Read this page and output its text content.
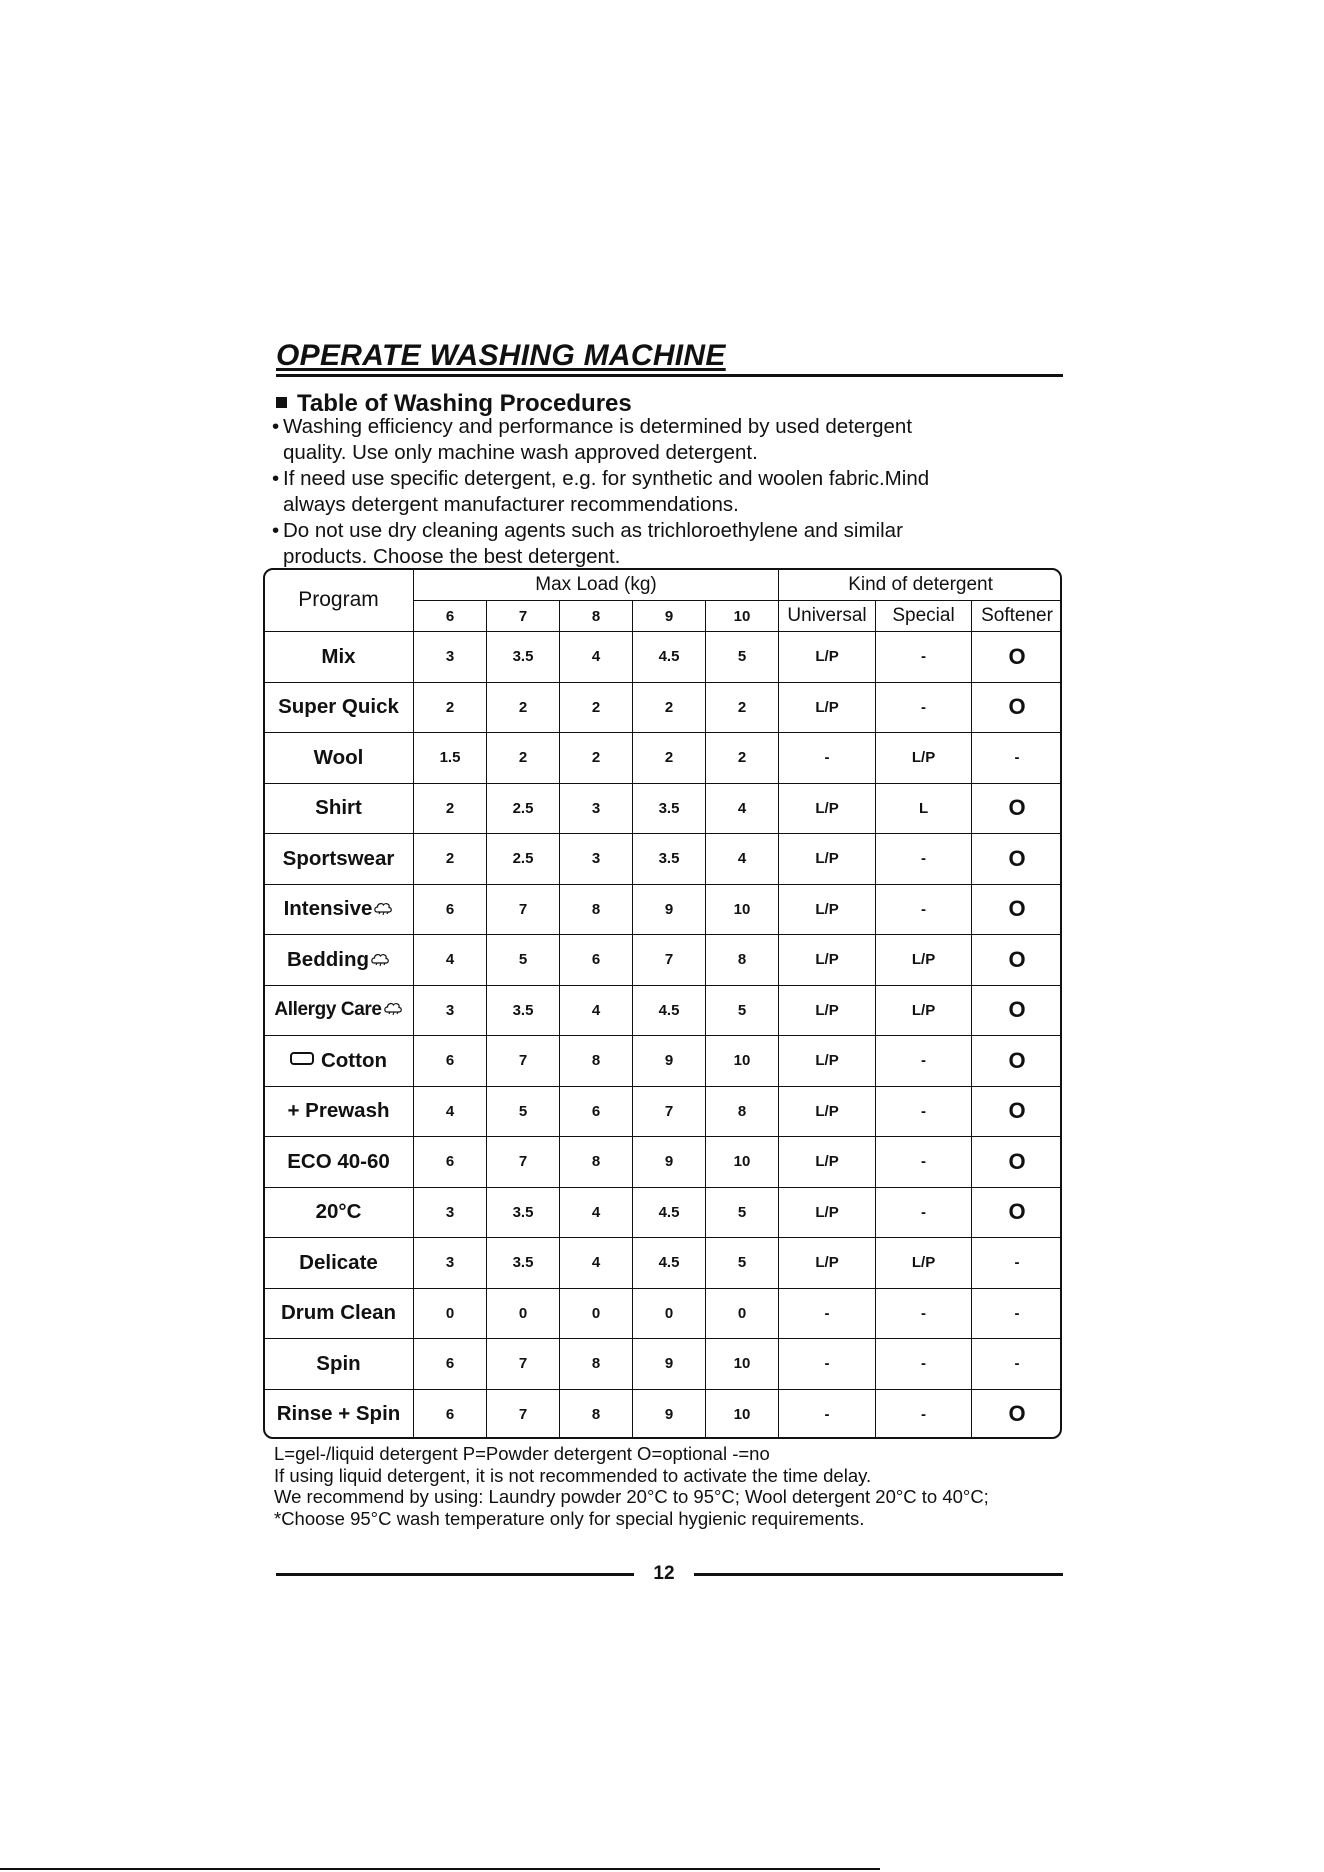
OPERATE WASHING MACHINE
Table of Washing Procedures
• Washing efficiency and performance is determined by used detergent
quality. Use only machine wash approved detergent.
• If need use specific detergent, e.g. for synthetic and woolen fabric.Mind
always detergent manufacturer recommendations.
• Do not use dry cleaning agents such as trichloroethylene and similar
products. Choose the best detergent.
Program	Max Load (kg)					Kind of detergent		
	6	7	8	9	10	Universal	Special	Softener
Mix	3	3.5	4	4.5	5	L/P	-	O
Super Quick	2	2	2	2	2	L/P	-	O
Wool	1.5	2	2	2	2	-	L/P	-
Shirt	2	2.5	3	3.5	4	L/P	L	O
Sportswear	2	2.5	3	3.5	4	L/P	-	O
Intensive	6	7	8	9	10	L/P	-	O
Bedding	4	5	6	7	8	L/P	L/P	O
Allergy Care	3	3.5	4	4.5	5	L/P	L/P	O
Cotton	6	7	8	9	10	L/P	-	O
+ Prewash	4	5	6	7	8	L/P	-	O
ECO 40-60	6	7	8	9	10	L/P	-	O
20°C	3	3.5	4	4.5	5	L/P	-	O
Delicate	3	3.5	4	4.5	5	L/P	L/P	-
Drum Clean	0	0	0	0	0	-	-	-
Spin	6	7	8	9	10	-	-	-
Rinse + Spin	6	7	8	9	10	-	-	O
L=gel-/liquid detergent P=Powder detergent O=optional -=no
If using liquid detergent, it is not recommended to activate the time delay.
We recommend by using: Laundry powder 20°C to 95°C; Wool detergent 20°C to 40°C;
*Choose 95°C wash temperature only for special hygienic requirements.
12
